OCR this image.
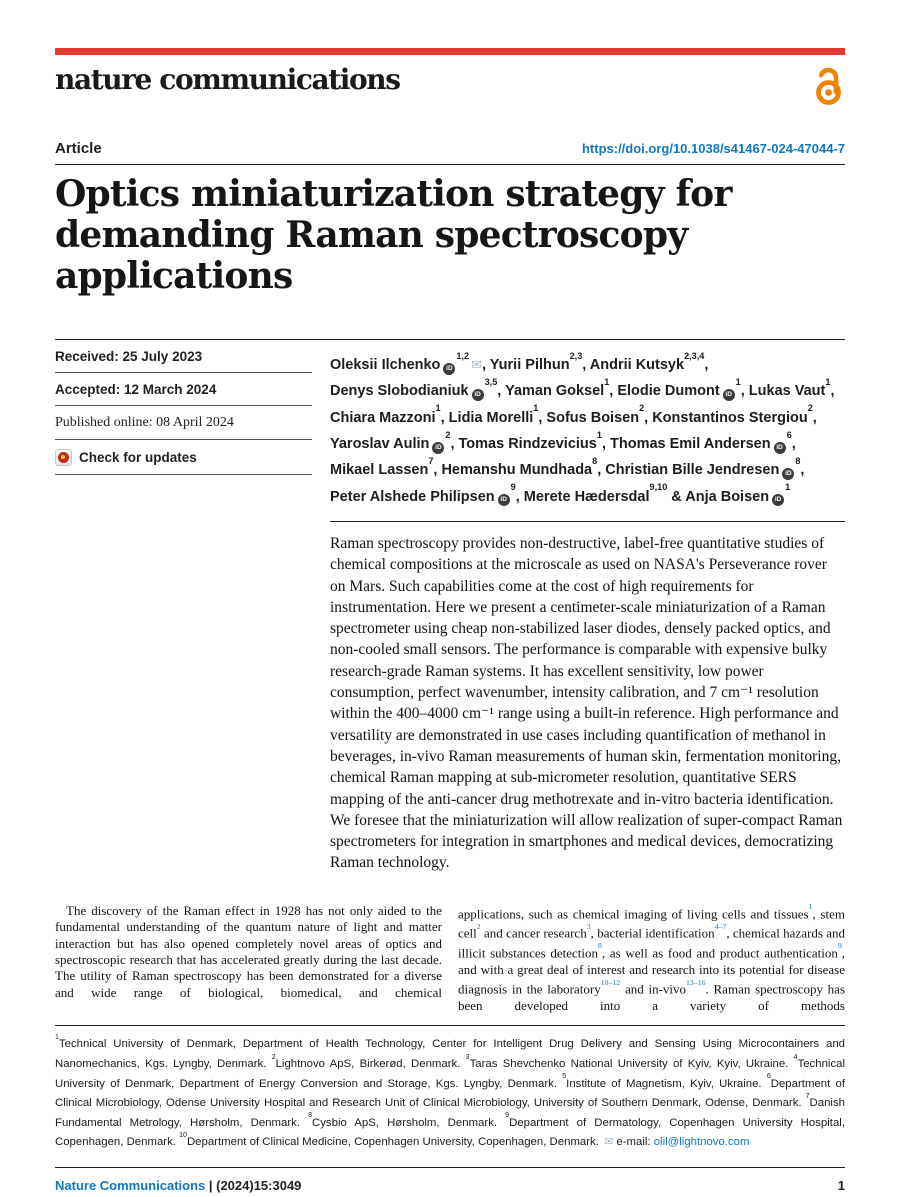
nature communications
Article	https://doi.org/10.1038/s41467-024-47044-7
Optics miniaturization strategy for
demanding Raman spectroscopy
applications
Received: 25 July 2023
Accepted: 12 March 2024
Published online: 08 April 2024
Check for updates
Oleksii Ilchenko iD$^{1,2}$✉, Yurii Pilhun$^{2,3}$, Andrii Kutsyk$^{2,3,4}$,
Denys Slobodianiuk iD$^{3,5}$, Yaman Goksel$^1$, Elodie Dumont $iD^1$, Lukas Vaut$^1$,
Chiara Mazzoni$^1$, Lidia Morelli$^1$, Sofus Boisen$^2$, Konstantinos Stergiou$^2$,
Yaroslav Aulin $iD^2$, Tomas Rindzevicius$^1$, Thomas Emil Andersen $iD^6$,
Mikael Lassen$^7$, Hemanshu Mundhada$^8$, Christian Bille Jendresen $iD^8$,
Peter Alshede Philipsen $iD^9$, Merete Hædersdal$^{9,10}$ & Anja Boisen $iD^1$
Raman spectroscopy provides non-destructive, label-free quantitative studies of chemical compositions at the microscale as used on NASA's Perseverance rover on Mars. Such capabilities come at the cost of high requirements for instrumentation. Here we present a centimeter-scale miniaturization of a Raman spectrometer using cheap non-stabilized laser diodes, densely packed optics, and non-cooled small sensors. The performance is comparable with expensive bulky research-grade Raman systems. It has excellent sensitivity, low power consumption, perfect wavenumber, intensity calibration, and 7 cm⁻¹ resolution within the 400–4000 cm⁻¹ range using a built-in reference. High performance and versatility are demonstrated in use cases including quantification of methanol in beverages, in-vivo Raman measurements of human skin, fermentation monitoring, chemical Raman mapping at sub-micrometer resolution, quantitative SERS mapping of the anti-cancer drug methotrexate and in-vitro bacteria identification. We foresee that the miniaturization will allow realization of super-compact Raman spectrometers for integration in smartphones and medical devices, democratizing Raman technology.

The discovery of the Raman effect in 1928 has not only aided to the fundamental understanding of the quantum nature of light and matter interaction but has also opened completely novel areas of optics and spectroscopic research that has accelerated greatly during the last decade. The utility of Raman spectroscopy has been demonstrated for a diverse and wide range of biological, biomedical, and chemical

applications, such as chemical imaging of living cells and tissues$^1$, stem cell$^2$ and cancer research$^3$, bacterial identification$^{4-7}$, chemical hazards and illicit substances detection$^8$, as well as food and product authentication$^9$, and with a great deal of interest and research into its potential for disease diagnosis in the laboratory$^{10-12}$ and in-vivo$^{13-16}$. Raman spectroscopy has been developed into a variety of methods

$^1$Technical University of Denmark, Department of Health Technology, Center for Intelligent Drug Delivery and Sensing Using Microcontainers and Nanomechanics, Kgs. Lyngby, Denmark. $^2$Lightnovo ApS, Birkerød, Denmark. $^3$Taras Shevchenko National University of Kyiv, Kyiv, Ukraine. $^4$Technical University of Denmark, Department of Energy Conversion and Storage, Kgs. Lyngby, Denmark. $^5$Institute of Magnetism, Kyiv, Ukraine. $^6$Department of Clinical Microbiology, Odense University Hospital and Research Unit of Clinical Microbiology, University of Southern Denmark, Odense, Denmark. $^7$Danish Fundamental Metrology, Hørsholm, Denmark. $^8$Cysbio ApS, Hørsholm, Denmark. $^9$Department of Dermatology, Copenhagen University Hospital, Copenhagen, Denmark. $^{10}$Department of Clinical Medicine, Copenhagen University, Copenhagen, Denmark. ✉ e-mail: olil@lightnovo.com

Nature Communications | (2024)15:3049	1
